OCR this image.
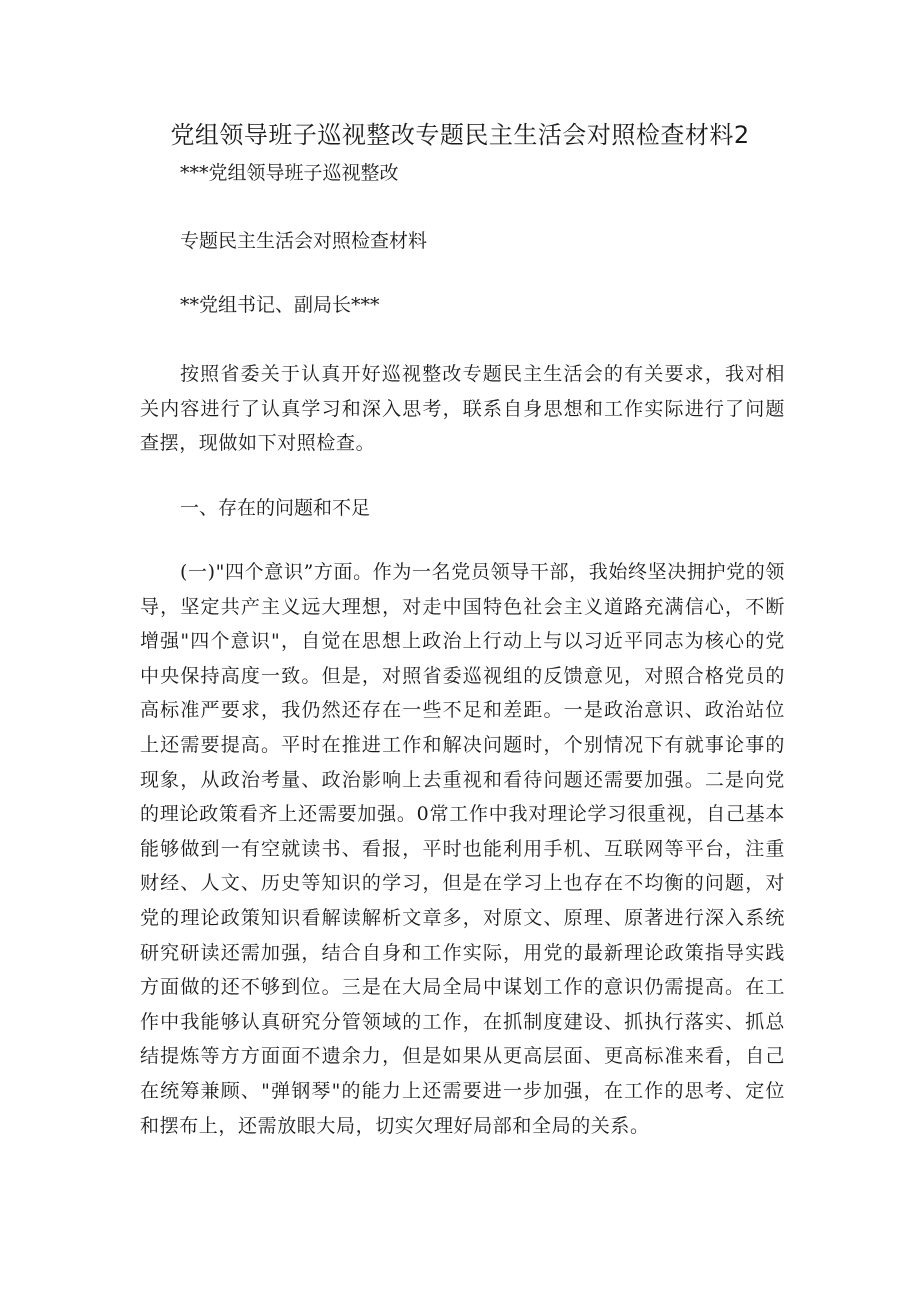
党组领导班子巡视整改专题民主生活会对照检查材料2

***党组领导班子巡视整改

专题民主生活会对照检查材料

**党组书记、副局长***

按照省委关于认真开好巡视整改专题民主生活会的有关要求，我对相关内容进行了认真学习和深入思考，联系自身思想和工作实际进行了问题查摆，现做如下对照检查。

一、存在的问题和不足

(一)"四个意识”方面。作为一名党员领导干部，我始终坚决拥护党的领导，坚定共产主义远大理想，对走中国特色社会主义道路充满信心，不断增强"四个意识"，自觉在思想上政治上行动上与以习近平同志为核心的党中央保持高度一致。但是，对照省委巡视组的反馈意见，对照合格党员的高标准严要求，我仍然还存在一些不足和差距。一是政治意识、政治站位上还需要提高。平时在推进工作和解决问题时，个别情况下有就事论事的现象，从政治考量、政治影响上去重视和看待问题还需要加强。二是向党的理论政策看齐上还需要加强。0常工作中我对理论学习很重视，自己基本能够做到一有空就读书、看报，平时也能利用手机、互联网等平台，注重财经、人文、历史等知识的学习，但是在学习上也存在不均衡的问题，对党的理论政策知识看解读解析文章多，对原文、原理、原著进行深入系统研究研读还需加强，结合自身和工作实际，用党的最新理论政策指导实践方面做的还不够到位。三是在大局全局中谋划工作的意识仍需提高。在工作中我能够认真研究分管领域的工作，在抓制度建设、抓执行落实、抓总结提炼等方方面面不遗余力，但是如果从更高层面、更高标准来看，自己在统筹兼顾、"弹钢琴"的能力上还需要进一步加强，在工作的思考、定位和摆布上，还需放眼大局，切实欠理好局部和全局的关系。
